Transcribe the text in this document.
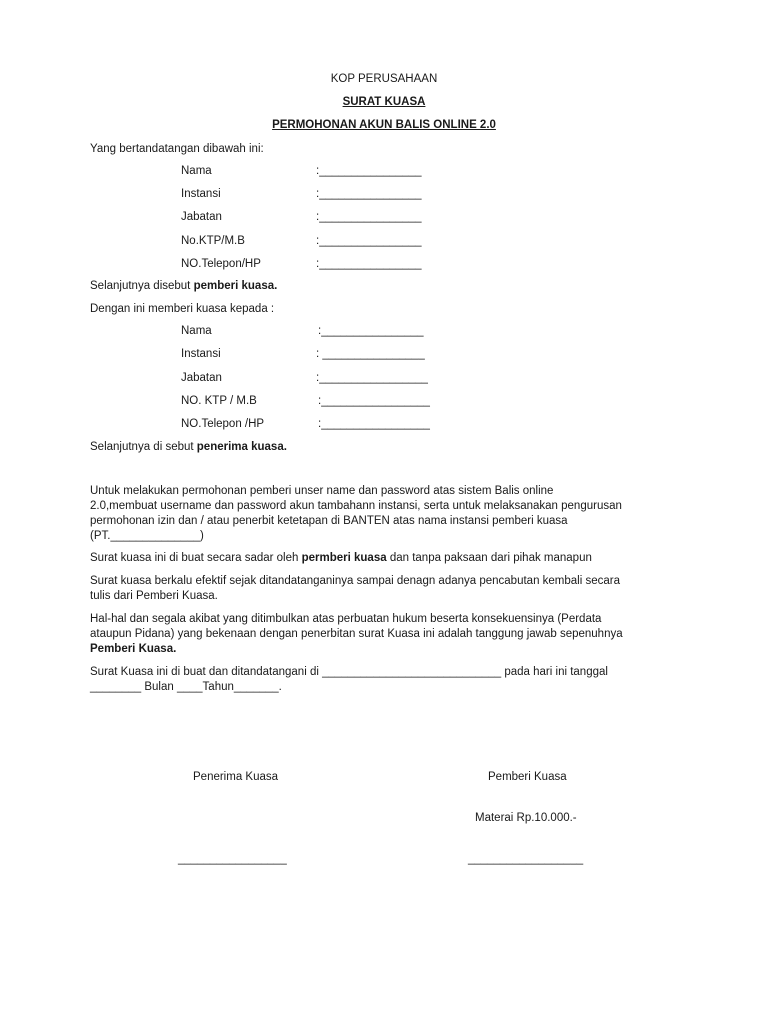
KOP PERUSAHAAN
SURAT KUASA
PERMOHONAN AKUN BALIS ONLINE 2.0
Yang bertandatangan dibawah ini:
Nama	:________________
Instansi	:________________
Jabatan	:________________
No.KTP/M.B	:________________
NO.Telepon/HP	:________________
Selanjutnya disebut pemberi kuasa.
Dengan ini memberi kuasa kepada :
Nama	:________________
Instansi	: ________________
Jabatan	:_________________
NO. KTP / M.B	:_________________
NO.Telepon /HP	:_________________
Selanjutnya di sebut penerima kuasa.
Untuk melakukan permohonan pemberi unser name dan password atas sistem Balis online
2.0,membuat username dan password akun tambahann instansi, serta untuk melaksanakan pengurusan
permohonan izin dan / atau penerbit ketetapan di BANTEN atas nama instansi pemberi kuasa
(PT.______________)
Surat kuasa ini di buat secara sadar oleh permberi kuasa dan tanpa paksaan dari pihak manapun
Surat kuasa berkalu efektif sejak ditandatanganinya sampai denagn adanya pencabutan kembali secara
tulis dari Pemberi Kuasa.
Hal-hal dan segala akibat yang ditimbulkan atas perbuatan hukum beserta konsekuensinya (Perdata
ataupun Pidana) yang bekenaan dengan penerbitan surat Kuasa ini adalah tanggung jawab sepenuhnya
Pemberi Kuasa.
Surat Kuasa ini di buat dan ditandatangani di ____________________________ pada hari ini tanggal
________ Bulan ____Tahun_______.
Penerima Kuasa	Pemberi Kuasa
Materai Rp.10.000.-
_________________	__________________
